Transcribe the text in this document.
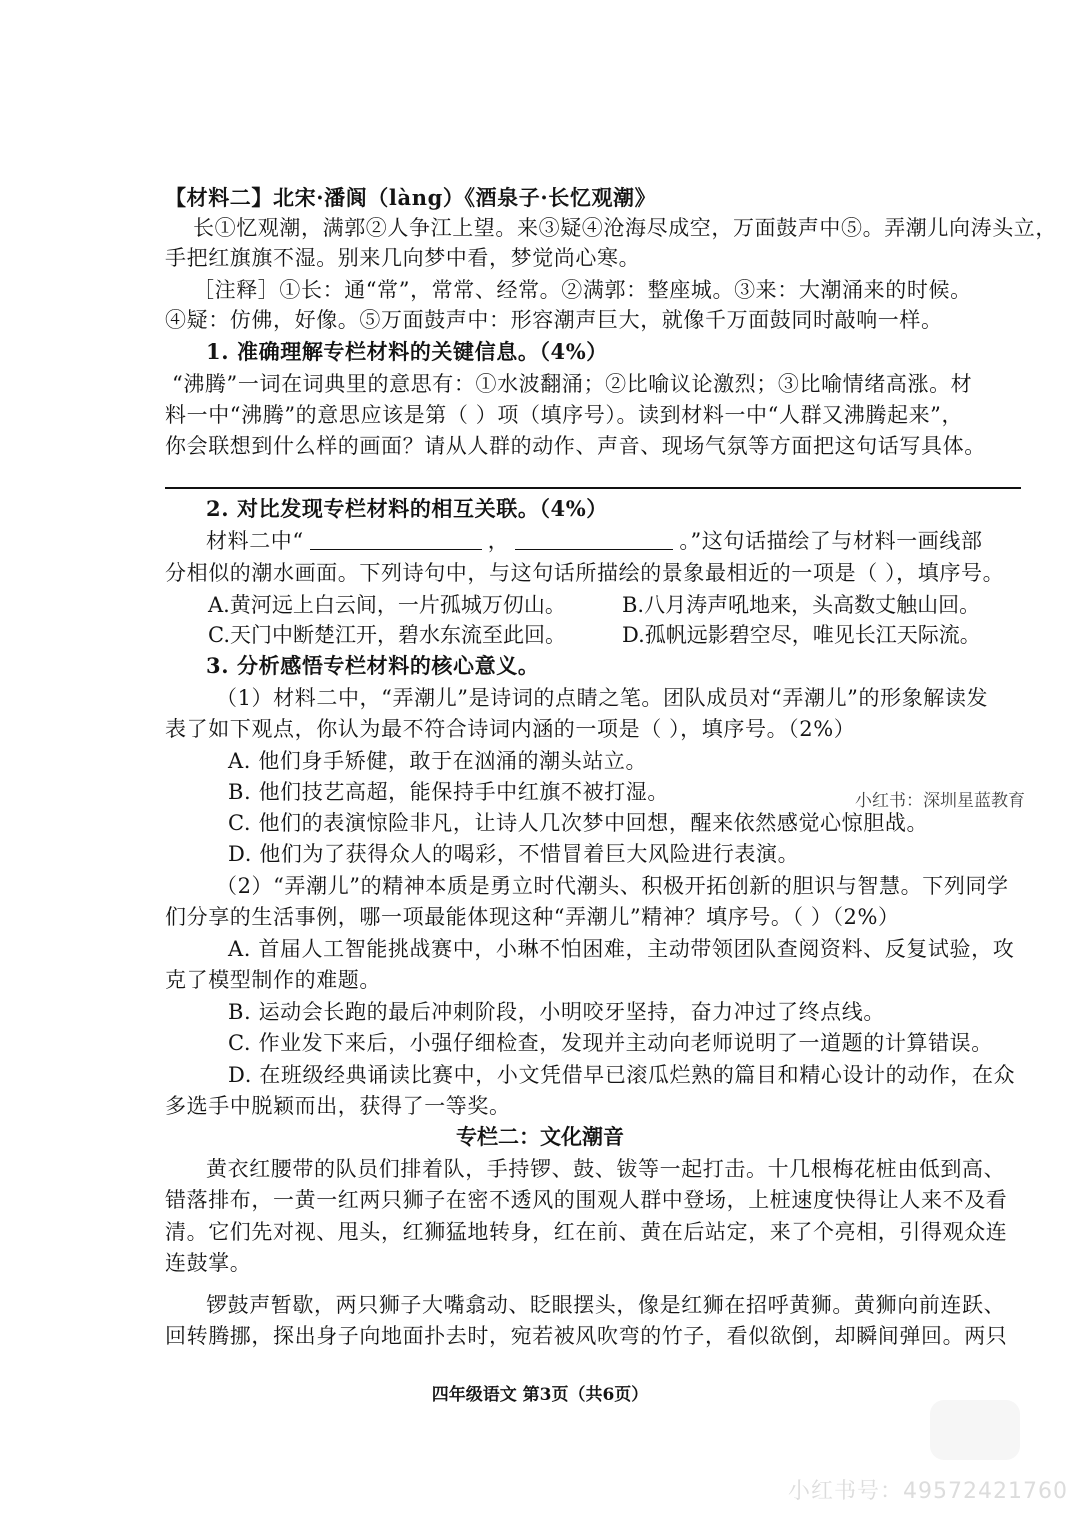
【材料二】北宋·潘阆（làng）《酒泉子·长忆观潮》
长①忆观潮，满郭②人争江上望。来③疑④沧海尽成空，万面鼓声中⑤。弄潮儿向涛头立，
手把红旗旗不湿。别来几向梦中看，梦觉尚心寒。
［注释］①长：通“常”，常常、经常。②满郭：整座城。③来：大潮涌来的时候。
④疑：仿佛，好像。⑤万面鼓声中：形容潮声巨大，就像千万面鼓同时敲响一样。
1. 准确理解专栏材料的关键信息。（4%）
“沸腾”一词在词典里的意思有：①水波翻涌；②比喻议论激烈；③比喻情绪高涨。材
料一中“沸腾”的意思应该是第（ ）项（填序号）。读到材料一中“人群又沸腾起来”，
你会联想到什么样的画面？请从人群的动作、声音、现场气氛等方面把这句话写具体。
2. 对比发现专栏材料的相互关联。（4%）
材料二中“	，	。”这句话描绘了与材料一画线部
分相似的潮水画面。下列诗句中，与这句话所描绘的景象最相近的一项是（ ），填序号。
A.黄河远上白云间，一片孤城万仞山。	B.八月涛声吼地来，头高数丈触山回。
C.天门中断楚江开，碧水东流至此回。	D.孤帆远影碧空尽，唯见长江天际流。
3. 分析感悟专栏材料的核心意义。
（1）材料二中，“弄潮儿”是诗词的点睛之笔。团队成员对“弄潮儿”的形象解读发
表了如下观点，你认为最不符合诗词内涵的一项是（ ），填序号。（2%）
A. 他们身手矫健，敢于在汹涌的潮头站立。
B. 他们技艺高超，能保持手中红旗不被打湿。
C. 他们的表演惊险非凡，让诗人几次梦中回想，醒来依然感觉心惊胆战。
D. 他们为了获得众人的喝彩，不惜冒着巨大风险进行表演。
小红书：深圳星蓝教育
（2）“弄潮儿”的精神本质是勇立时代潮头、积极开拓创新的胆识与智慧。下列同学
们分享的生活事例，哪一项最能体现这种“弄潮儿”精神？填序号。（ ）（2%）
A. 首届人工智能挑战赛中，小琳不怕困难，主动带领团队查阅资料、反复试验，攻
克了模型制作的难题。
B. 运动会长跑的最后冲刺阶段，小明咬牙坚持，奋力冲过了终点线。
C. 作业发下来后，小强仔细检查，发现并主动向老师说明了一道题的计算错误。
D. 在班级经典诵读比赛中，小文凭借早已滚瓜烂熟的篇目和精心设计的动作，在众
多选手中脱颖而出，获得了一等奖。
专栏二：文化潮音
黄衣红腰带的队员们排着队，手持锣、鼓、钹等一起打击。十几根梅花桩由低到高、
错落排布，一黄一红两只狮子在密不透风的围观人群中登场，上桩速度快得让人来不及看
清。它们先对视、甩头，红狮猛地转身，红在前、黄在后站定，来了个亮相，引得观众连
连鼓掌。
锣鼓声暂歇，两只狮子大嘴翕动、眨眼摆头，像是红狮在招呼黄狮。黄狮向前连跃、
回转腾挪，探出身子向地面扑去时，宛若被风吹弯的竹子，看似欲倒，却瞬间弹回。两只
四年级语文 第3页（共6页）
小红书号：49572421760
